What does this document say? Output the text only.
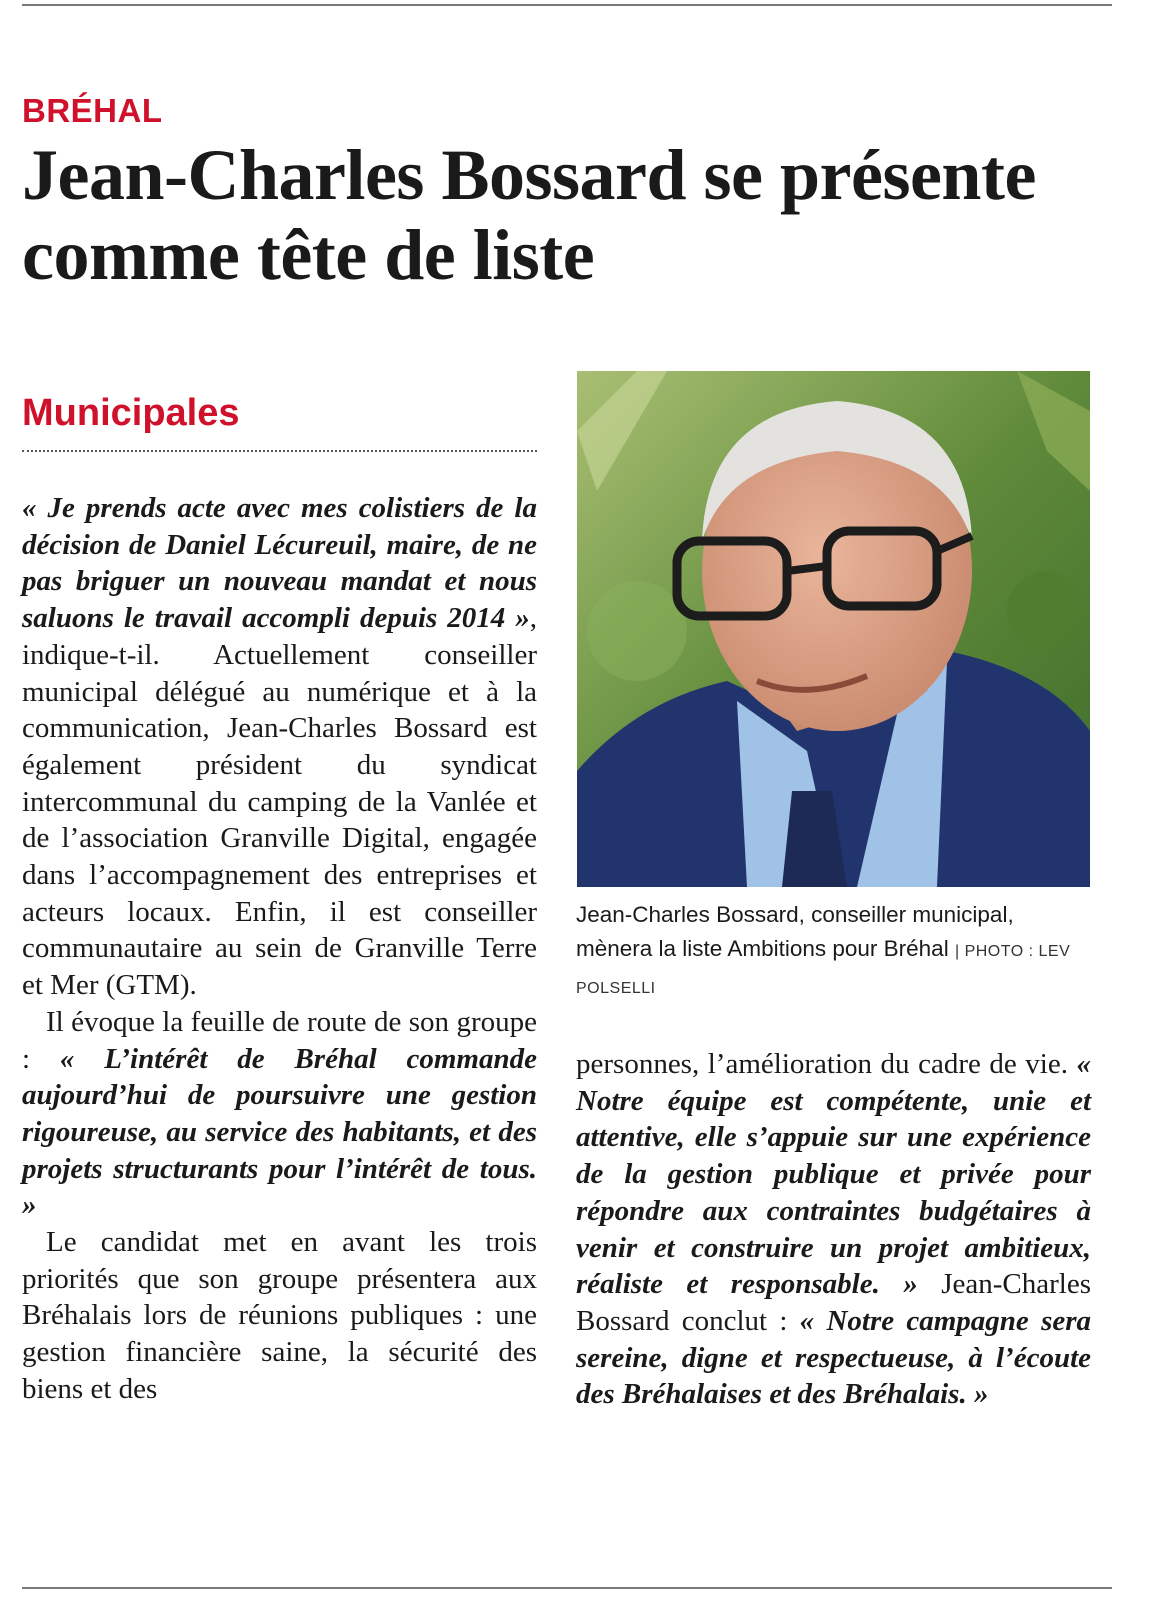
BRÉHAL
Jean-Charles Bossard se présente comme tête de liste
Municipales

« Je prends acte avec mes colistiers de la décision de Daniel Lécureuil, maire, de ne pas briguer un nouveau mandat et nous saluons le travail accompli depuis 2014 », indique-t-il. Actuellement conseiller municipal délégué au numérique et à la communication, Jean-Charles Bossard est également président du syndicat intercommunal du camping de la Vanlée et de l’association Granville Digital, engagée dans l’accompagnement des entreprises et acteurs locaux. Enfin, il est conseiller communautaire au sein de Granville Terre et Mer (GTM).

Il évoque la feuille de route de son groupe : « L’intérêt de Bréhal commande aujourd’hui de poursuivre une gestion rigoureuse, au service des habitants, et des projets structurants pour l’intérêt de tous. »

Le candidat met en avant les trois priorités que son groupe présentera aux Bréhalais lors de réunions publiques : une gestion financière saine, la sécurité des biens et des

Jean-Charles Bossard, conseiller municipal, mènera la liste Ambitions pour Bréhal | PHOTO : LEV POLSELLI

personnes, l’amélioration du cadre de vie. « Notre équipe est compétente, unie et attentive, elle s’appuie sur une expérience de la gestion publique et privée pour répondre aux contraintes budgétaires à venir et construire un projet ambitieux, réaliste et responsable. » Jean-Charles Bossard conclut : « Notre campagne sera sereine, digne et respectueuse, à l’écoute des Bréhalaises et des Bréhalais. »
